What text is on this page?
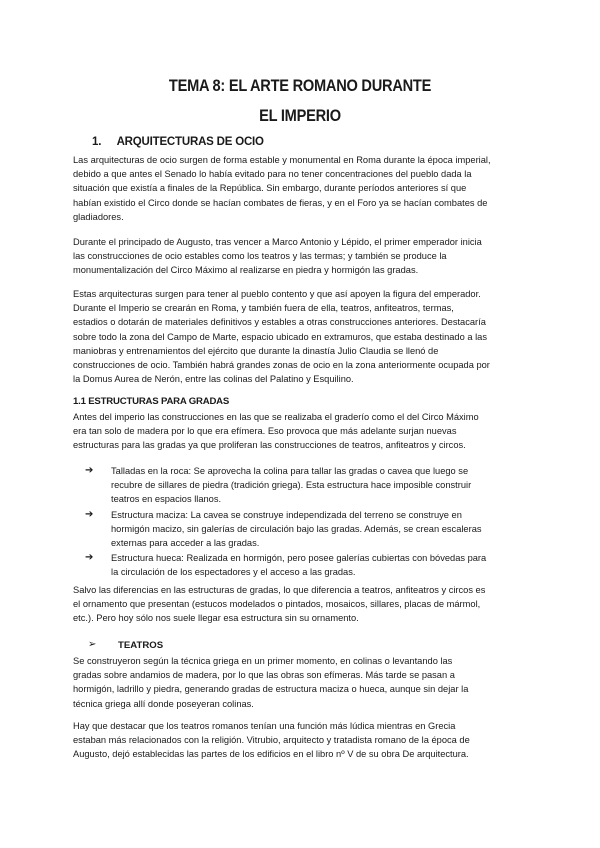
TEMA 8: EL ARTE ROMANO DURANTE
EL IMPERIO
1. ARQUITECTURAS DE OCIO
Las arquitecturas de ocio surgen de forma estable y monumental en Roma durante la época imperial,
debido a que antes el Senado lo había evitado para no tener concentraciones del pueblo dada la
situación que existía a finales de la República. Sin embargo, durante períodos anteriores sí que
habían existido el Circo donde se hacían combates de fieras, y en el Foro ya se hacían combates de
gladiadores.
Durante el principado de Augusto, tras vencer a Marco Antonio y Lépido, el primer emperador inicia
las construcciones de ocio estables como los teatros y las termas; y también se produce la
monumentalización del Circo Máximo al realizarse en piedra y hormigón las gradas.
Estas arquitecturas surgen para tener al pueblo contento y que así apoyen la figura del emperador.
Durante el Imperio se crearán en Roma, y también fuera de ella, teatros, anfiteatros, termas,
estadios o dotarán de materiales definitivos y estables a otras construcciones anteriores. Destacaría
sobre todo la zona del Campo de Marte, espacio ubicado en extramuros, que estaba destinado a las
maniobras y entrenamientos del ejército que durante la dinastía Julio Claudia se llenó de
construcciones de ocio. También habrá grandes zonas de ocio en la zona anteriormente ocupada por
la Domus Aurea de Nerón, entre las colinas del Palatino y Esquilino.
1.1 ESTRUCTURAS PARA GRADAS
Antes del imperio las construcciones en las que se realizaba el graderío como el del Circo Máximo
era tan solo de madera por lo que era efímera. Eso provoca que más adelante surjan nuevas
estructuras para las gradas ya que proliferan las construcciones de teatros, anfiteatros y circos.
➔ Talladas en la roca: Se aprovecha la colina para tallar las gradas o cavea que luego se
recubre de sillares de piedra (tradición griega). Esta estructura hace imposible construir
teatros en espacios llanos.
➔ Estructura maciza: La cavea se construye independizada del terreno se construye en
hormigón macizo, sin galerías de circulación bajo las gradas. Además, se crean escaleras
externas para acceder a las gradas.
➔ Estructura hueca: Realizada en hormigón, pero posee galerías cubiertas con bóvedas para
la circulación de los espectadores y el acceso a las gradas.
Salvo las diferencias en las estructuras de gradas, lo que diferencia a teatros, anfiteatros y circos es
el ornamento que presentan (estucos modelados o pintados, mosaicos, sillares, placas de mármol,
etc.). Pero hoy sólo nos suele llegar esa estructura sin su ornamento.
➢ TEATROS
Se construyeron según la técnica griega en un primer momento, en colinas o levantando las
gradas sobre andamios de madera, por lo que las obras son efímeras. Más tarde se pasan a
hormigón, ladrillo y piedra, generando gradas de estructura maciza o hueca, aunque sin dejar la
técnica griega allí donde poseyeran colinas.
Hay que destacar que los teatros romanos tenían una función más lúdica mientras en Grecia
estaban más relacionados con la religión. Vitrubio, arquitecto y tratadista romano de la época de
Augusto, dejó establecidas las partes de los edificios en el libro nº V de su obra De arquitectura.
